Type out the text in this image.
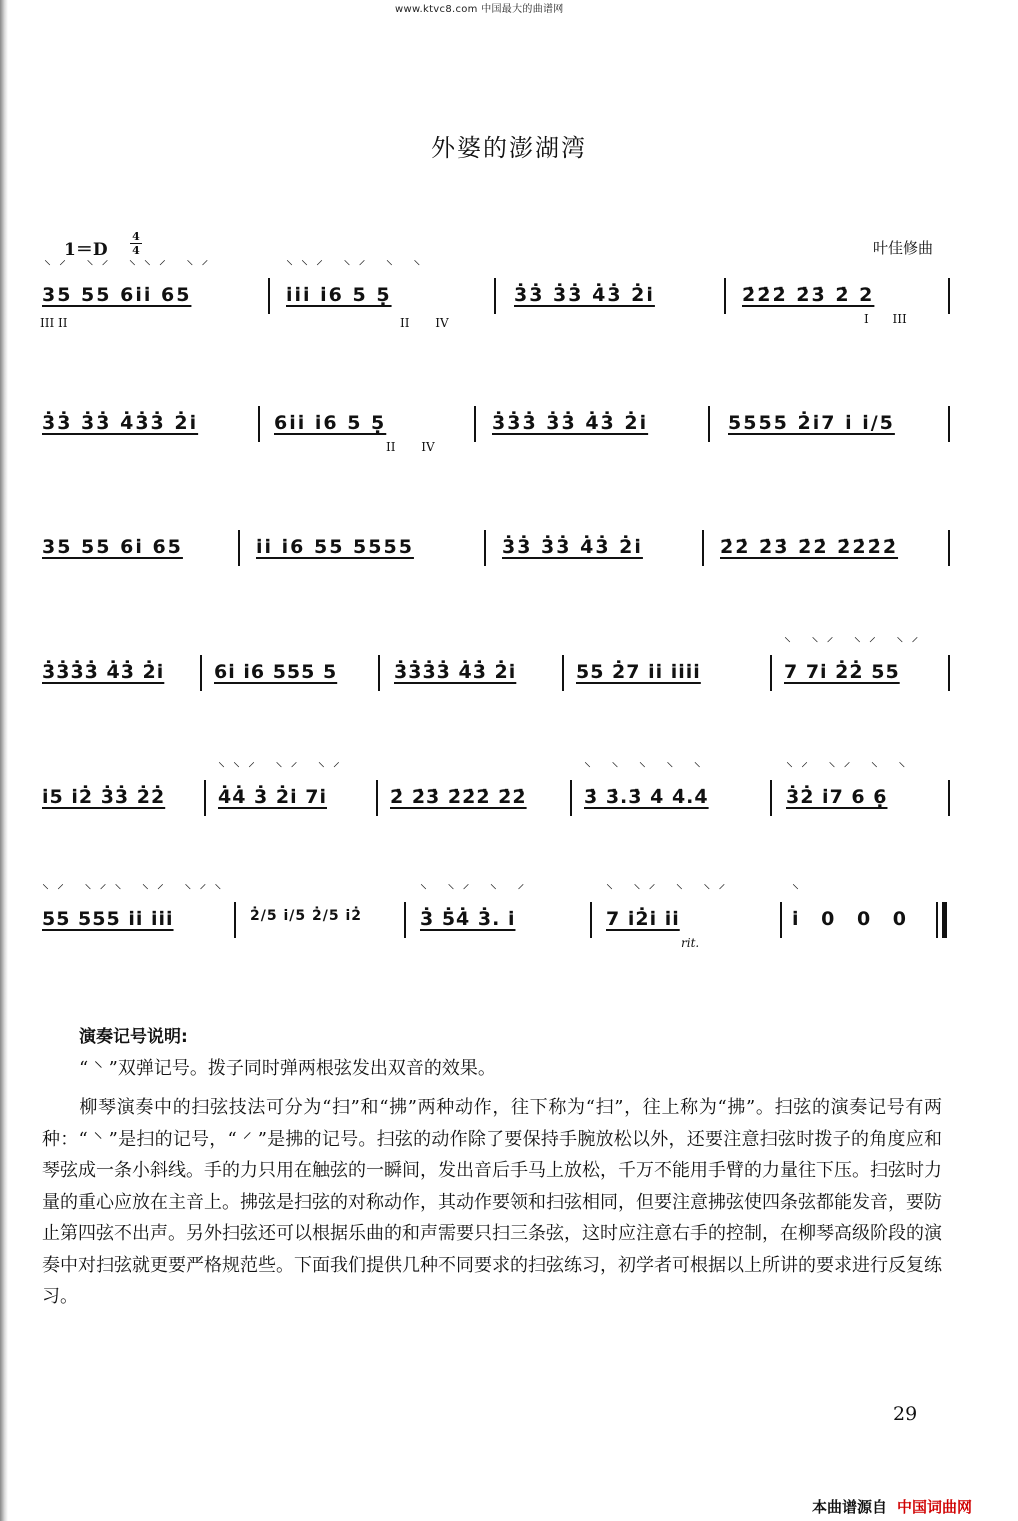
www.ktvc8.com 中国最大的曲谱网
外婆的澎湖湾
1＝D
4
4	叶佳修曲
⸌⸍ ⸌⸍ ⸌⸌⸍ ⸌⸍
35 55 6i̇i̇ 65
⸌⸌⸍ ⸌⸍ ⸌ ⸌
i̇i̇i̇ i̇6 5 5̣	3̇3̇ 3̇3̇ 4̇3̇ 2̇i̇	2̇2̇2̇ 2̇3̇ 2̇ 2
III II	II IV	I III
3̇3̇ 3̇3̇ 4̇3̇3̇ 2̇i̇	6i̇i̇ i̇6 5 5̣	3̇3̇3̇ 3̇3̇ 4̇3̇ 2̇i̇	5555 2̇i̇7 i̇ i̇/5
II IV
35 55 6i̇ 65	i̇i̇ i̇6 55 5555	3̇3̇ 3̇3̇ 4̇3̇ 2̇i̇	2̇2̇ 2̇3̇ 2̇2̇ 2̇2̇2̇2̇
3̇3̇3̇3̇ 4̇3̇ 2̇i̇	6i̇ i̇6 555 5	3̇3̇3̇3̇ 4̇3̇ 2̇i̇	55 2̇7 i̇i̇ i̇i̇i̇i̇
⸌ ⸌⸍ ⸌⸍ ⸌⸍
7 7i̇ 2̇2̇ 55
i̇5 i̇2̇ 3̇3̇ 2̇2̇
⸌⸌⸍ ⸌⸍ ⸌⸍
4̇4̇ 3̇ 2̇i̇ 7i̇	2̇ 2̇3̇ 2̇2̇2̇ 2̇2̇
⸌ ⸌ ⸌ ⸌ ⸌
3̇ 3̇.3̇ 4̇ 4̇.4̇
⸌⸍ ⸌⸍ ⸌ ⸌
3̇2̇ i̇7 6 6̣
⸌⸍ ⸌⸍⸌ ⸌⸍ ⸌⸍⸌
55 555 i̇i̇ i̇i̇i̇	2̇/5 i̇/5 2̇/5 i̇2̇
⸌ ⸌⸍ ⸌ ⸍
3̇ 5̇4̇ 3̇. i̇
⸌ ⸌⸍ ⸌ ⸌⸍
7 i̇2̇i̇ i̇i̇
⸌
i̇ 0 0 0
rit.
演奏记号说明:
“ ⸌ ”双弹记号。拨子同时弹两根弦发出双音的效果。
　　柳琴演奏中的扫弦技法可分为“扫”和“拂”两种动作，往下称为“扫”，往上称为“拂”。扫弦的演奏记号有两种：“ ⸌ ”是扫的记号，“ ⸍ ”是拂的记号。扫弦的动作除了要保持手腕放松以外，还要注意扫弦时拨子的角度应和琴弦成一条小斜线。手的力只用在触弦的一瞬间，发出音后手马上放松，千万不能用手臂的力量往下压。扫弦时力量的重心应放在主音上。拂弦是扫弦的对称动作，其动作要领和扫弦相同，但要注意拂弦使四条弦都能发音，要防止第四弦不出声。另外扫弦还可以根据乐曲的和声需要只扫三条弦，这时应注意右手的控制，在柳琴高级阶段的演奏中对扫弦就更要严格规范些。下面我们提供几种不同要求的扫弦练习，初学者可根据以上所讲的要求进行反复练习。
29
本曲谱源自 中国词曲网
